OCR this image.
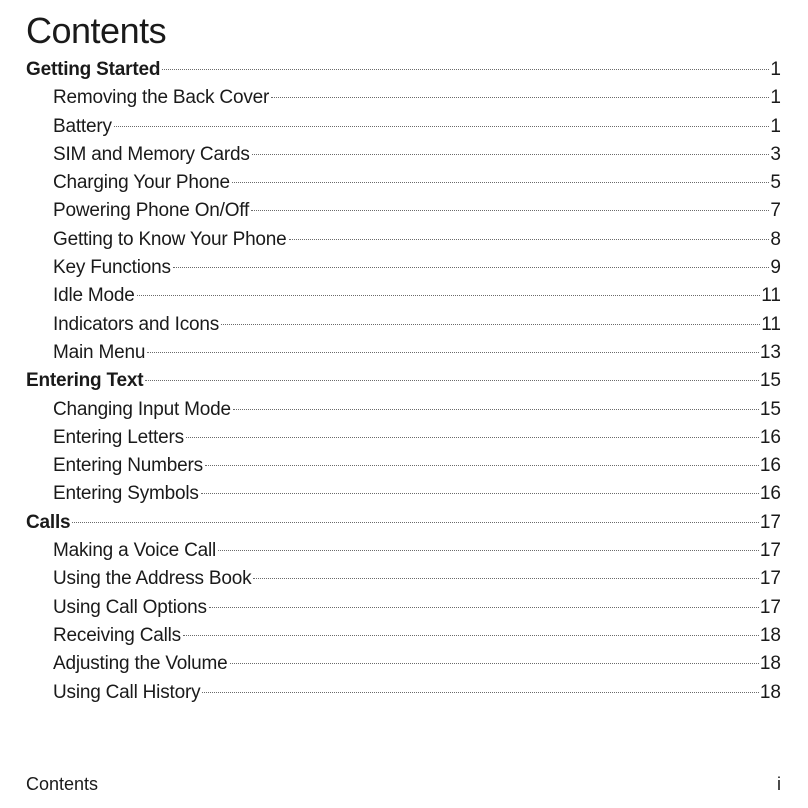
Contents
Getting Started	1
Removing the Back Cover	1
Battery	1
SIM and Memory Cards	3
Charging Your Phone	5
Powering Phone On/Off	7
Getting to Know Your Phone	8
Key Functions	9
Idle Mode	11
Indicators and Icons	11
Main Menu	13
Entering Text	15
Changing Input Mode	15
Entering Letters	16
Entering Numbers	16
Entering Symbols	16
Calls	17
Making a Voice Call	17
Using the Address Book	17
Using Call Options	17
Receiving Calls	18
Adjusting the Volume	18
Using Call History	18
Contents	i
